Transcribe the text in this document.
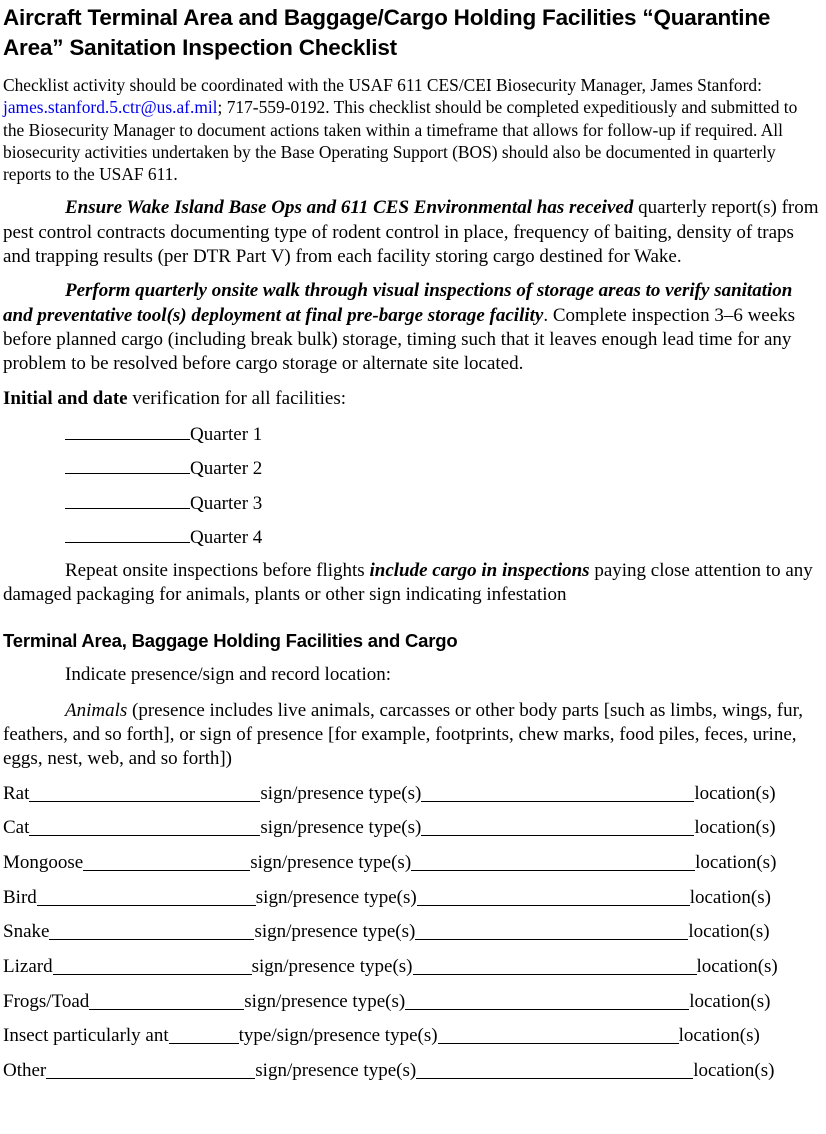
Aircraft Terminal Area and Baggage/Cargo Holding Facilities “Quarantine Area” Sanitation Inspection Checklist
Checklist activity should be coordinated with the USAF 611 CES/CEI Biosecurity Manager, James Stanford: james.stanford.5.ctr@us.af.mil; 717-559-0192. This checklist should be completed expeditiously and submitted to the Biosecurity Manager to document actions taken within a timeframe that allows for follow-up if required. All biosecurity activities undertaken by the Base Operating Support (BOS) should also be documented in quarterly reports to the USAF 611.

Ensure Wake Island Base Ops and 611 CES Environmental has received quarterly report(s) from pest control contracts documenting type of rodent control in place, frequency of baiting, density of traps and trapping results (per DTR Part V) from each facility storing cargo destined for Wake.

Perform quarterly onsite walk through visual inspections of storage areas to verify sanitation and preventative tool(s) deployment at final pre-barge storage facility. Complete inspection 3–6 weeks before planned cargo (including break bulk) storage, timing such that it leaves enough lead time for any problem to be resolved before cargo storage or alternate site located.

Initial and date verification for all facilities:

Quarter 1
Quarter 2
Quarter 3
Quarter 4

Repeat onsite inspections before flights include cargo in inspections paying close attention to any damaged packaging for animals, plants or other sign indicating infestation

Terminal Area, Baggage Holding Facilities and Cargo

Indicate presence/sign and record location:

Animals (presence includes live animals, carcasses or other body parts [such as limbs, wings, fur, feathers, and so forth], or sign of presence [for example, footprints, chew marks, food piles, feces, urine, eggs, nest, web, and so forth])

Rat	sign/presence type(s)	location(s)
Cat	sign/presence type(s)	location(s)
Mongoose	sign/presence type(s)	location(s)
Bird	sign/presence type(s)	location(s)
Snake	sign/presence type(s)	location(s)
Lizard	sign/presence type(s)	location(s)
Frogs/Toad	sign/presence type(s)	location(s)
Insect particularly ant	type/sign/presence type(s)	location(s)
Other	sign/presence type(s)	location(s)
